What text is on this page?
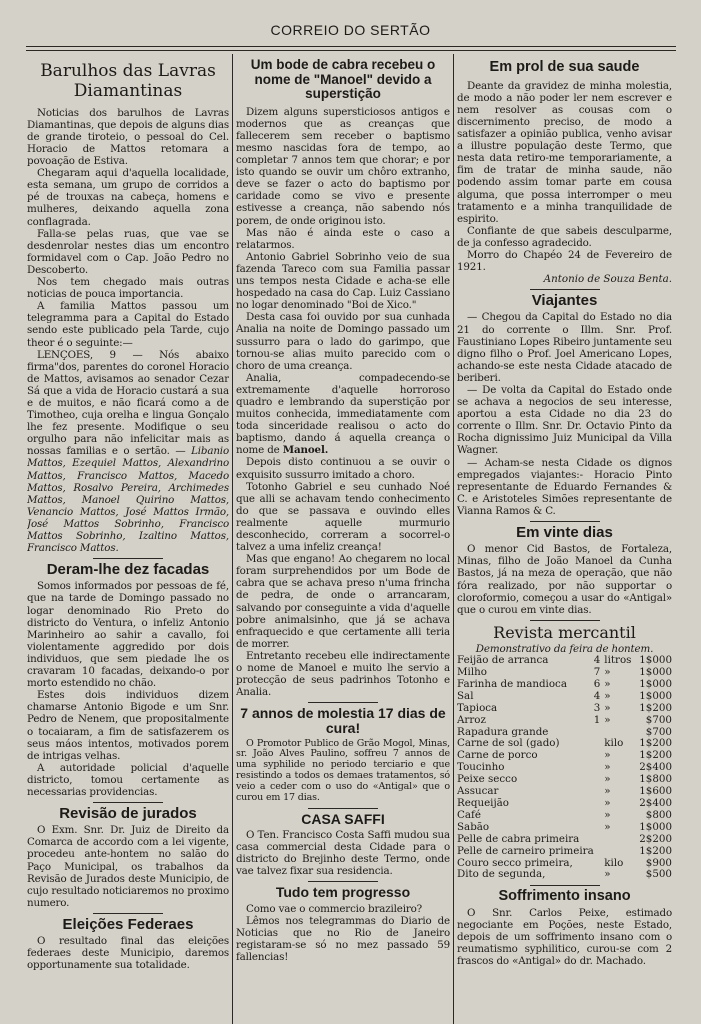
CORREIO DO SERTÃO
Barulhos das Lavras
Diamantinas

Noticias dos barulhos de Lavras Diamantinas, que depois de alguns dias de grande tiroteio, o pessoal do Cel. Horacio de Mattos retomara a povoação de Estiva.

Chegaram aqui d'aquella localidade, esta semana, um grupo de corridos a pé de trouxas na cabeça, homens e mulheres, deixando aquella zona conflagrada.

Falla-se pelas ruas, que vae se desdenrolar nestes dias um encontro formidavel com o Cap. João Pedro no Descoberto.

Nos tem chegado mais outras noticias de pouca importancia.

A familia Mattos passou um telegramma para a Capital do Estado sendo este publicado pela Tarde, cujo theor é o seguinte:—

LENÇOES, 9 — Nós abaixo firma"dos, parentes do coronel Horacio de Mattos, avisamos ao senador Cezar Sá que a vida de Horacio custará a sua e de muitos, e não ficará como a de Timotheo, cuja orelha e lingua Gonçalo lhe fez presente. Modifique o seu orgulho para não infelicitar mais as nossas familias e o sertão. — Libanio Mattos, Ezequiel Mattos, Alexandrino Mattos, Francisco Mattos, Macedo Mattos, Rosalvo Pereira, Archimedes Mattos, Manoel Quirino Mattos, Venancio Mattos, José Mattos Irmão, José Mattos Sobrinho, Francisco Mattos Sobrinho, Izaltino Mattos, Francisco Mattos.

Deram-lhe dez facadas

Somos informados por pessoas de fé, que na tarde de Domingo passado no logar denominado Rio Preto do districto do Ventura, o infeliz Antonio Marinheiro ao sahir a cavallo, foi violentamente aggredido por dois individuos, que sem piedade lhe os cravaram 10 facadas, deixando-o por morto estendido no chão.

Estes dois individuos dizem chamarse Antonio Bigode e um Snr. Pedro de Nenem, que propositalmente o tocaiaram, a fim de satisfazerem os seus máos intentos, motivados porem de intrigas velhas.

A autoridade policial d'aquelle districto, tomou certamente as necessarias providencias.

Revisão de jurados

O Exm. Snr. Dr. Juiz de Direito da Comarca de accordo com a lei vigente, procedeu ante-hontem no salão do Paço Municipal, os trabalhos da Revisão de Jurados deste Municipio, de cujo resultado noticiaremos no proximo numero.

Eleições Federaes

O resultado final das eleições federaes deste Municipio, daremos opportunamente sua totalidade.

Um bode de cabra recebeu o nome de "Manoel" devido a superstição

Dizem alguns supersticiosos antigos e modernos que as creanças que fallecerem sem receber o baptismo mesmo nascidas fora de tempo, ao completar 7 annos tem que chorar; e por isto quando se ouvir um chôro extranho, deve se fazer o acto do baptismo por caridade como se vivo e presente estivesse a creança, não sabendo nós porem, de onde originou isto.

Mas não é ainda este o caso a relatarmos.

Antonio Gabriel Sobrinho veio de sua fazenda Tareco com sua Familia passar uns tempos nesta Cidade e acha-se elle hospedado na casa do Cap. Luiz Cassiano no logar denominado "Boi de Xico."

Desta casa foi ouvido por sua cunhada Analia na noite de Domingo passado um sussurro para o lado do garimpo, que tornou-se alias muito parecido com o choro de uma creança.

Analia, compadecendo-se extremamente d'aquelle horroroso quadro e lembrando da superstição por muitos conhecida, immediatamente com toda sinceridade realisou o acto do baptismo, dando á aquella creança o nome de Manoel.

Depois disto continuou a se ouvir o exquisito sussurro imitado a choro.

Totonho Gabriel e seu cunhado Noé que alli se achavam tendo conhecimento do que se passava e ouvindo elles realmente aquelle murmurio desconhecido, correram a socorrel-o talvez a uma infeliz creança!

Mas que engano! Ao chegarem no local foram surprehendidos por um Bode de cabra que se achava preso n'uma frincha de pedra, de onde o arrancaram, salvando por conseguinte a vida d'aquelle pobre animalsinho, que já se achava enfraquecido e que certamente alli teria de morrer.

Entretanto recebeu elle indirectamente o nome de Manoel e muito lhe servio a protecção de seus padrinhos Totonho e Analia.

7 annos de molestia 17 dias de cura!

O Promotor Publico de Grão Mogol, Minas, sr. João Alves Paulino, soffreu 7 annos de uma syphilide no periodo terciario e que resistindo a todos os demaes tratamentos, só veio a ceder com o uso do «Antigal» que o curou em 17 dias.

CASA SAFFI

O Ten. Francisco Costa Saffi mudou sua casa commercial desta Cidade para o districto do Brejinho deste Termo, onde vae talvez fixar sua residencia.

Tudo tem progresso

Como vae o commercio brazileiro?

Lêmos nos telegrammas do Diario de Noticias que no Rio de Janeiro registaram-se só no mez passado 59 fallencias!

Em prol de sua saude

Deante da gravidez de minha molestia, de modo a não poder ler nem escrever e nem resolver as cousas com o discernimento preciso, de modo a satisfazer a opinião publica, venho avisar a illustre população deste Termo, que nesta data retiro-me temporariamente, a fim de tratar de minha saude, não podendo assim tomar parte em cousa alguma, que possa interromper o meu tratamento e a minha tranquilidade de espirito.

Confiante de que sabeis desculparme, de ja confesso agradecido.

Morro do Chapéo 24 de Fevereiro de 1921.

Antonio de Souza Benta.

Viajantes

— Chegou da Capital do Estado no dia 21 do corrente o Illm. Snr. Prof. Faustiniano Lopes Ribeiro juntamente seu digno filho o Prof. Joel Americano Lopes, achando-se este nesta Cidade atacado de beriberi.

— De volta da Capital do Estado onde se achava a negocios de seu interesse, aportou a esta Cidade no dia 23 do corrente o Illm. Snr. Dr. Octavio Pinto da Rocha dignissimo Juiz Municipal da Villa Wagner.

— Acham-se nesta Cidade os dignos empregados viajantes:- Horacio Pinto representante de Eduardo Fernandes & C. e Aristoteles Simões representante de Vianna Ramos & C.

Em vinte dias

O menor Cid Bastos, de Fortaleza, Minas, filho de João Manoel da Cunha Bastos, já na meza de operação, que não fóra realizado, por não supportar o cloroformio, começou a usar do «Antigal» que o curou em vinte dias.

Revista mercantil
Demonstrativo da feira de hontem.
Feijão de arranca	4	litros	1$000
Milho	7	»	1$000
Farinha de mandioca	6	»	1$000
Sal	4	»	1$000
Tapioca	3	»	1$200
Arroz	1	»	$700
Rapadura grande			$700
Carne de sol (gado)		kilo	1$200
Carne de porco		»	1$200
Toucinho		»	2$400
Peixe secco		»	1$800
Assucar		»	1$600
Requeijão		»	2$400
Café		»	$800
Sabão		»	1$000
Pelle de cabra primeira			2$200
Pelle de carneiro primeira			1$200
Couro secco primeira,		kilo	$900
Dito de segunda,		»	$500
Soffrimento insano

O Snr. Carlos Peixe, estimado negociante em Poções, neste Estado, depois de um soffrimento insano com o reumatismo syphilitico, curou-se com 2 frascos do «Antigal» do dr. Machado.
